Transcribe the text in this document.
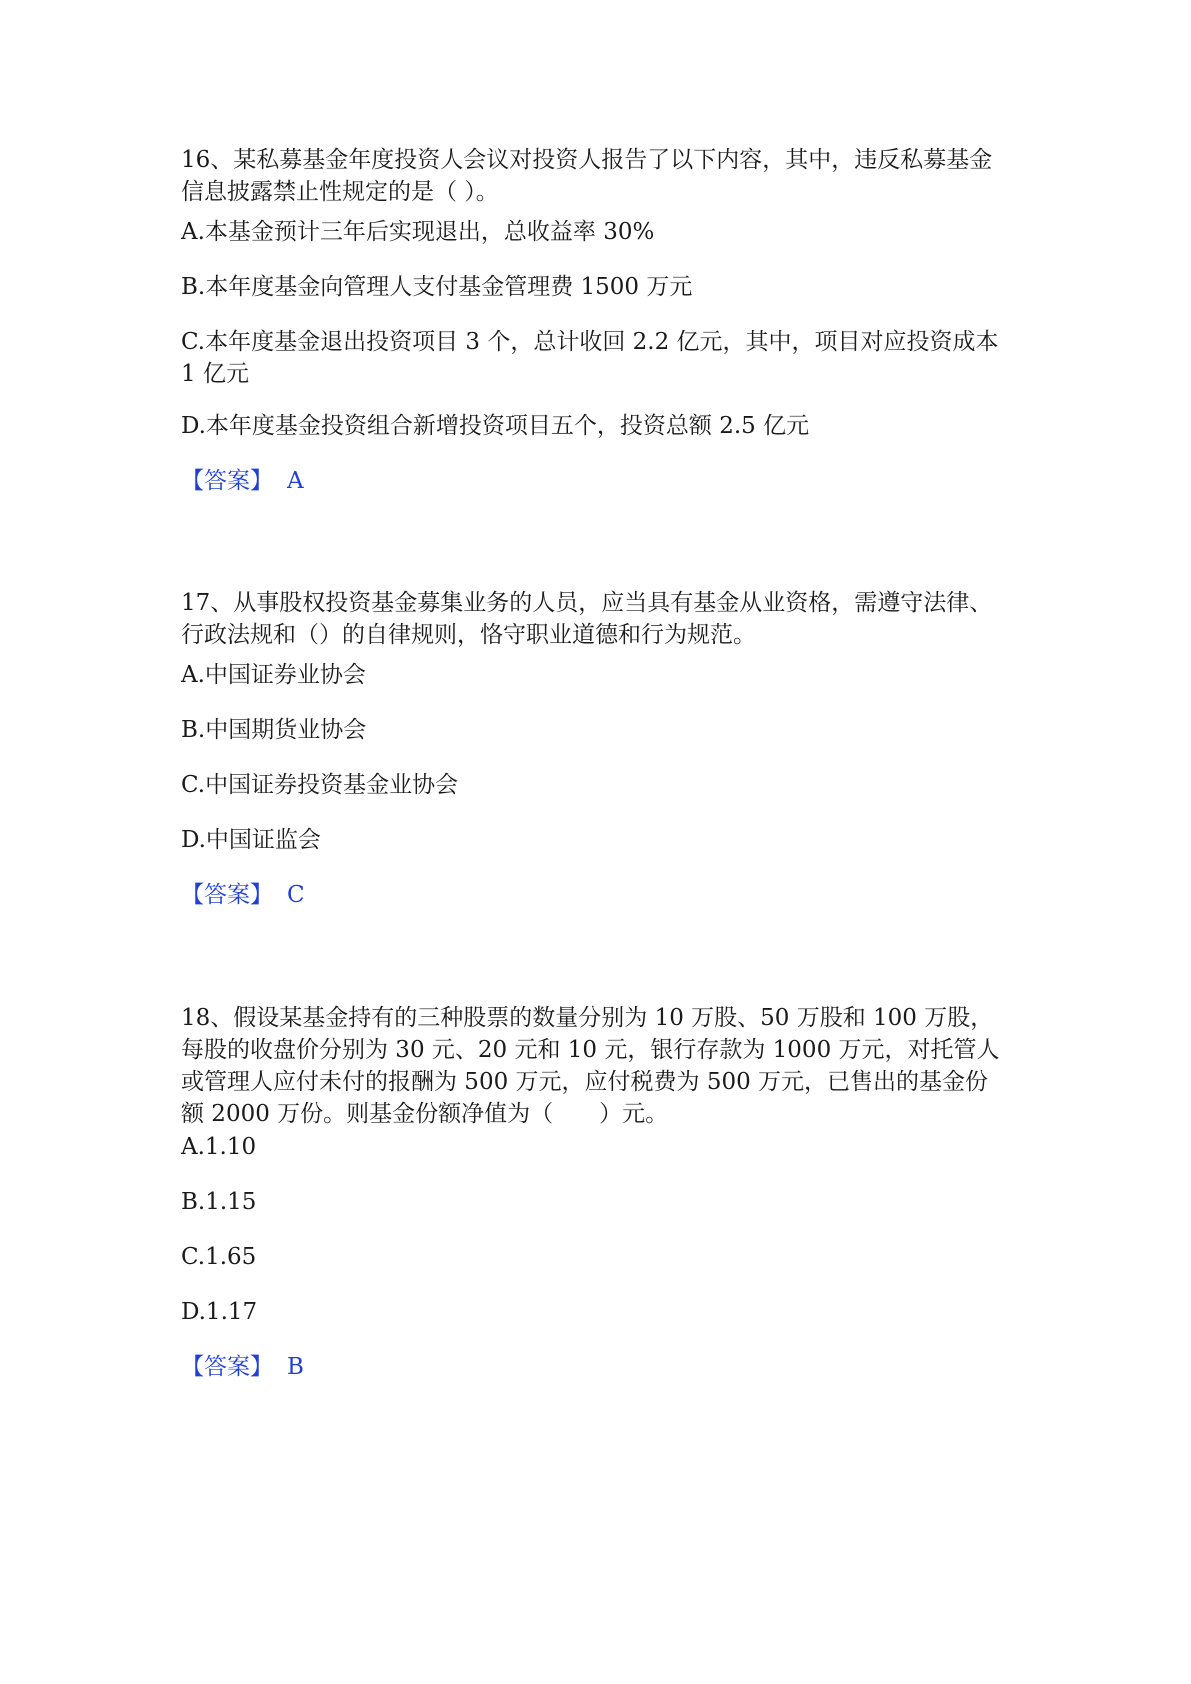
16、某私募基金年度投资人会议对投资人报告了以下内容，其中，违反私募基金信息披露禁止性规定的是（ ）。

A.本基金预计三年后实现退出，总收益率 30%

B.本年度基金向管理人支付基金管理费 1500 万元

C.本年度基金退出投资项目 3 个，总计收回 2.2 亿元，其中，项目对应投资成本 1 亿元

D.本年度基金投资组合新增投资项目五个，投资总额 2.5 亿元

【答案】 A

17、从事股权投资基金募集业务的人员，应当具有基金从业资格，需遵守法律、行政法规和（）的自律规则，恪守职业道德和行为规范。

A.中国证券业协会

B.中国期货业协会

C.中国证券投资基金业协会

D.中国证监会

【答案】 C

18、假设某基金持有的三种股票的数量分别为 10 万股、50 万股和 100 万股，每股的收盘价分别为 30 元、20 元和 10 元，银行存款为 1000 万元，对托管人或管理人应付未付的报酬为 500 万元，应付税费为 500 万元，已售出的基金份额 2000 万份。则基金份额净值为（　　）元。

A.1.10

B.1.15

C.1.65

D.1.17

【答案】 B
